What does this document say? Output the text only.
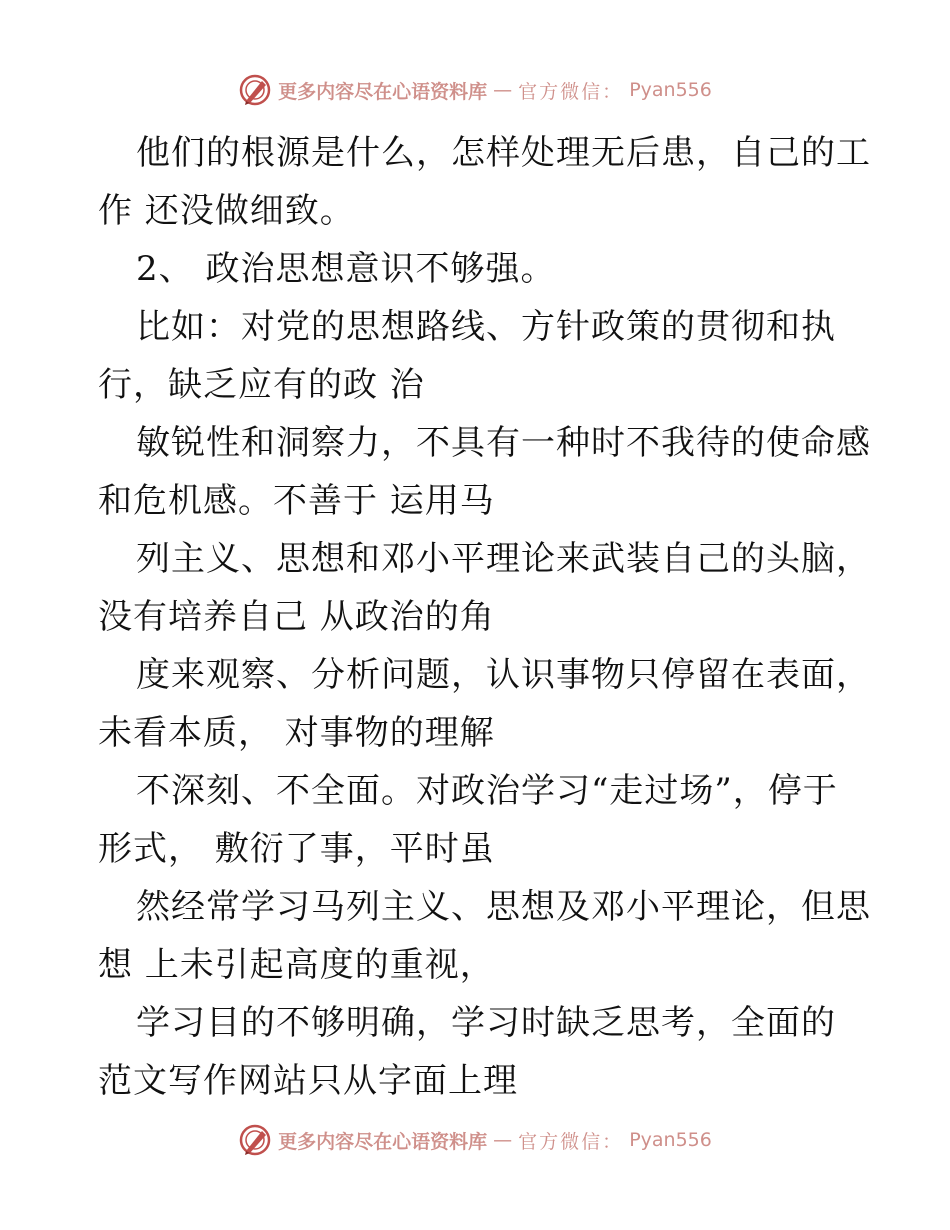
更多内容尽在心语资料库 — 官方微信： Pyan556
他们的根源是什么，怎样处理无后患，自己的工
作 还没做细致。
2、 政治思想意识不够强。
比如：对党的思想路线、方针政策的贯彻和执
行，缺乏应有的政 治
敏锐性和洞察力，不具有一种时不我待的使命感
和危机感。不善于 运用马
列主义、思想和邓小平理论来武装自己的头脑，
没有培养自己 从政治的角
度来观察、分析问题，认识事物只停留在表面，
未看本质， 对事物的理解
不深刻、不全面。对政治学习“走过场”，停于
形式， 敷衍了事，平时虽
然经常学习马列主义、思想及邓小平理论，但思
想 上未引起高度的重视，
学习目的不够明确，学习时缺乏思考，全面的
范文写作网站只从字面上理
更多内容尽在心语资料库 — 官方微信： Pyan556
